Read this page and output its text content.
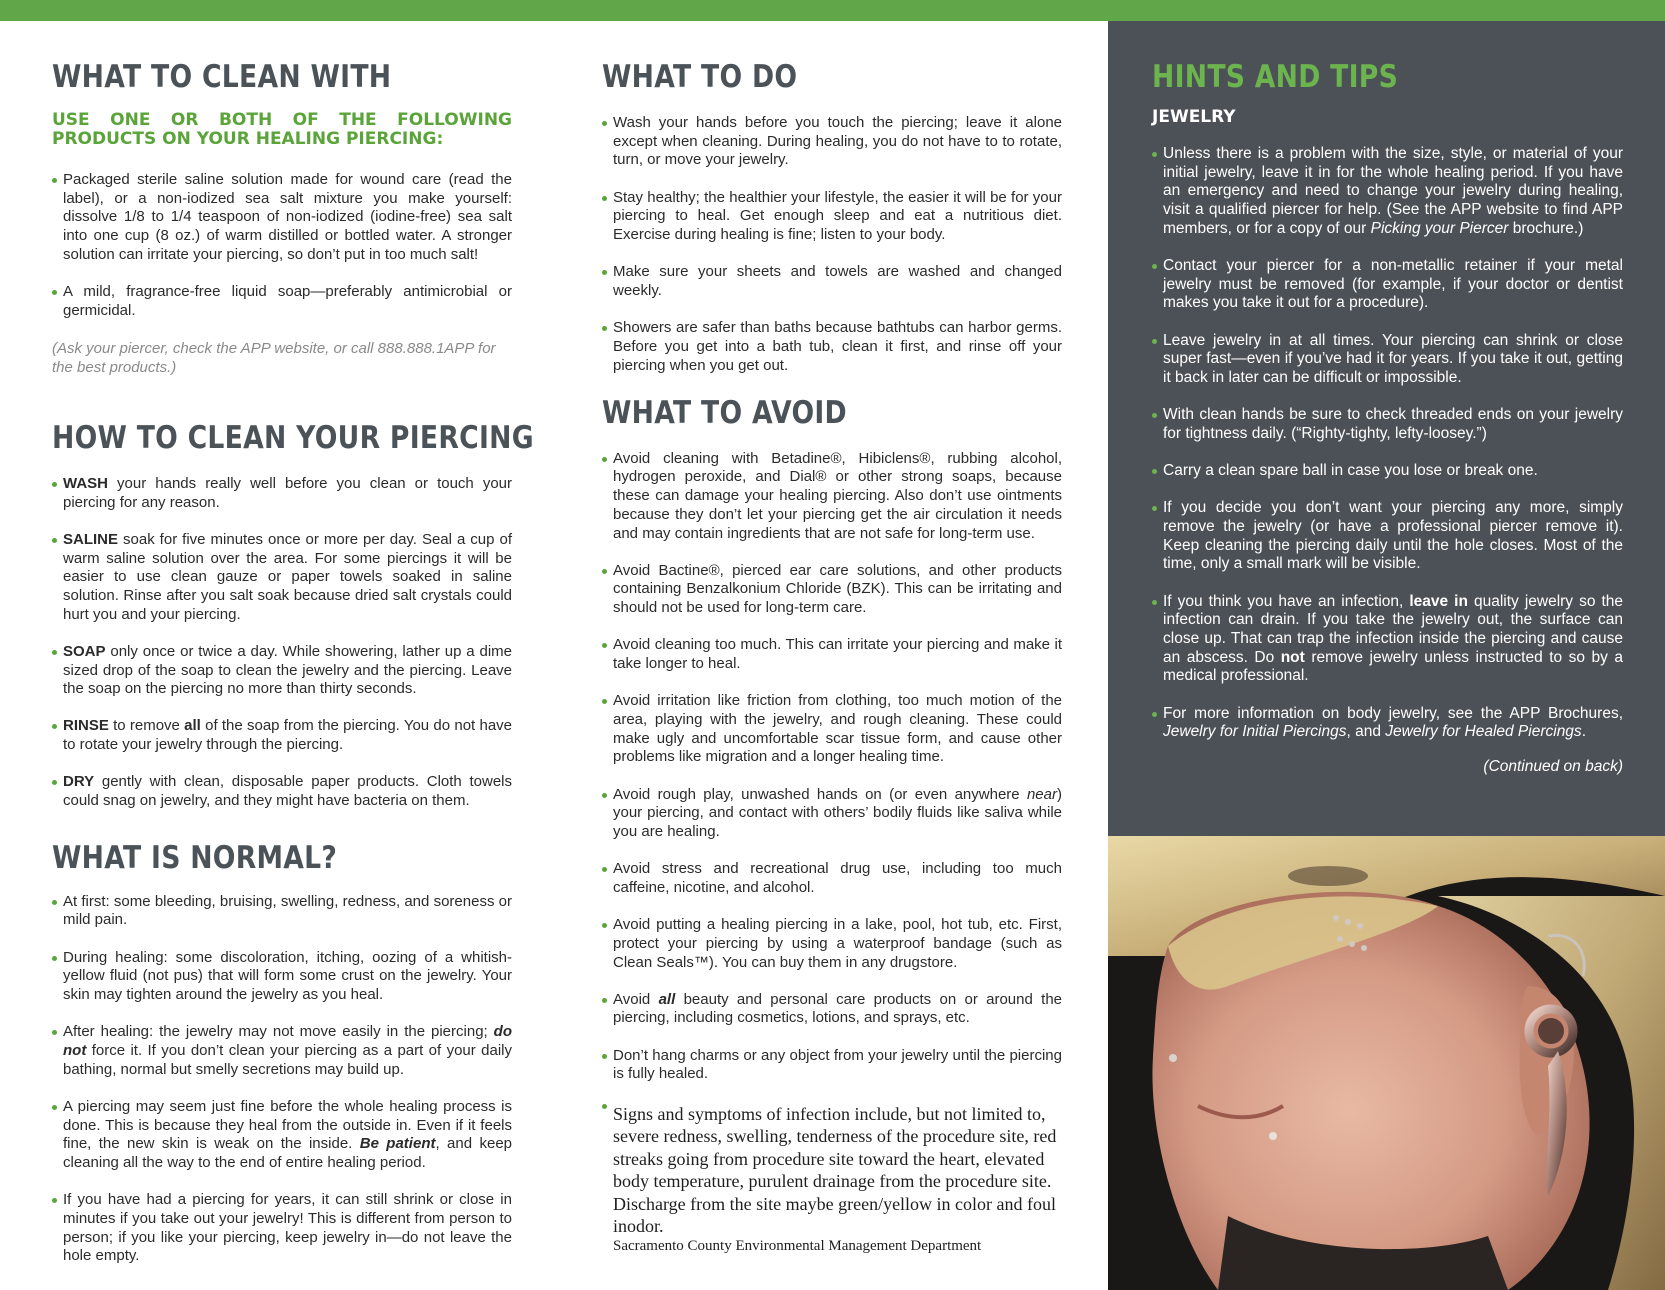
WHAT TO CLEAN WITH

USE ONE OR BOTH OF THE FOLLOWING PRODUCTS ON YOUR HEALING PIERCING:

Packaged sterile saline solution made for wound care (read the label), or a non-iodized sea salt mixture you make yourself: dissolve 1/8 to 1/4 teaspoon of non-iodized (iodine-free) sea salt into one cup (8 oz.) of warm distilled or bottled water. A stronger solution can irritate your piercing, so don’t put in too much salt!
A mild, fragrance-free liquid soap—preferably antimicrobial or germicidal.

(Ask your piercer, check the APP website, or call 888.888.1APP for the best products.)

HOW TO CLEAN YOUR PIERCING
WASH your hands really well before you clean or touch your piercing for any reason.
SALINE soak for five minutes once or more per day. Seal a cup of warm saline solution over the area. For some piercings it will be easier to use clean gauze or paper towels soaked in saline solution. Rinse after you salt soak because dried salt crystals could hurt you and your piercing.
SOAP only once or twice a day. While showering, lather up a dime sized drop of the soap to clean the jewelry and the piercing. Leave the soap on the piercing no more than thirty seconds.
RINSE to remove all of the soap from the piercing. You do not have to rotate your jewelry through the piercing.
DRY gently with clean, disposable paper products. Cloth towels could snag on jewelry, and they might have bacteria on them.
WHAT IS NORMAL?
At first: some bleeding, bruising, swelling, redness, and soreness or mild pain.
During healing: some discoloration, itching, oozing of a whitish-yellow fluid (not pus) that will form some crust on the jewelry. Your skin may tighten around the jewelry as you heal.
After healing: the jewelry may not move easily in the piercing; do not force it. If you don’t clean your piercing as a part of your daily bathing, normal but smelly secretions may build up.
A piercing may seem just fine before the whole healing process is done. This is because they heal from the outside in. Even if it feels fine, the new skin is weak on the inside. Be patient, and keep cleaning all the way to the end of entire healing period.
If you have had a piercing for years, it can still shrink or close in minutes if you take out your jewelry! This is different from person to person; if you like your piercing, keep jewelry in—do not leave the hole empty.
WHAT TO DO
Wash your hands before you touch the piercing; leave it alone except when cleaning. During healing, you do not have to to rotate, turn, or move your jewelry.
Stay healthy; the healthier your lifestyle, the easier it will be for your piercing to heal. Get enough sleep and eat a nutritious diet. Exercise during healing is fine; listen to your body.
Make sure your sheets and towels are washed and changed weekly.
Showers are safer than baths because bathtubs can harbor germs. Before you get into a bath tub, clean it first, and rinse off your piercing when you get out.
WHAT TO AVOID
Avoid cleaning with Betadine®, Hibiclens®, rubbing alcohol, hydrogen peroxide, and Dial® or other strong soaps, because these can damage your healing piercing. Also don’t use ointments because they don’t let your piercing get the air circulation it needs and may contain ingredients that are not safe for long-term use.
Avoid Bactine®, pierced ear care solutions, and other products containing Benzalkonium Chloride (BZK). This can be irritating and should not be used for long-term care.
Avoid cleaning too much. This can irritate your piercing and make it take longer to heal.
Avoid irritation like friction from clothing, too much motion of the area, playing with the jewelry, and rough cleaning. These could make ugly and uncomfortable scar tissue form, and cause other problems like migration and a longer healing time.
Avoid rough play, unwashed hands on (or even anywhere near) your piercing, and contact with others’ bodily fluids like saliva while you are healing.
Avoid stress and recreational drug use, including too much caffeine, nicotine, and alcohol.
Avoid putting a healing piercing in a lake, pool, hot tub, etc. First, protect your piercing by using a waterproof bandage (such as Clean Seals™). You can buy them in any drugstore.
Avoid all beauty and personal care products on or around the piercing, including cosmetics, lotions, and sprays, etc.
Don’t hang charms or any object from your jewelry until the piercing is fully healed.

Signs and symptoms of infection include, but not limited to, severe redness, swelling, tenderness of the procedure site, red streaks going from procedure site toward the heart, elevated body temperature, purulent drainage from the procedure site. Discharge from the site maybe green/yellow in color and foul inodor.

Sacramento County Environmental Management Department

HINTS AND TIPS

JEWELRY

Unless there is a problem with the size, style, or material of your initial jewelry, leave it in for the whole healing period. If you have an emergency and need to change your jewelry during healing, visit a qualified piercer for help. (See the APP website to find APP members, or for a copy of our Picking your Piercer brochure.)
Contact your piercer for a non-metallic retainer if your metal jewelry must be removed (for example, if your doctor or dentist makes you take it out for a procedure).
Leave jewelry in at all times. Your piercing can shrink or close super fast—even if you’ve had it for years. If you take it out, getting it back in later can be difficult or impossible.
With clean hands be sure to check threaded ends on your jewelry for tightness daily. (“Righty-tighty, lefty-loosey.”)
Carry a clean spare ball in case you lose or break one.
If you decide you don’t want your piercing any more, simply remove the jewelry (or have a professional piercer remove it). Keep cleaning the piercing daily until the hole closes. Most of the time, only a small mark will be visible.
If you think you have an infection, leave in quality jewelry so the infection can drain. If you take the jewelry out, the surface can close up. That can trap the infection inside the piercing and cause an abscess. Do not remove jewelry unless instructed to so by a medical professional.
For more information on body jewelry, see the APP Brochures, Jewelry for Initial Piercings, and Jewelry for Healed Piercings.

(Continued on back)
